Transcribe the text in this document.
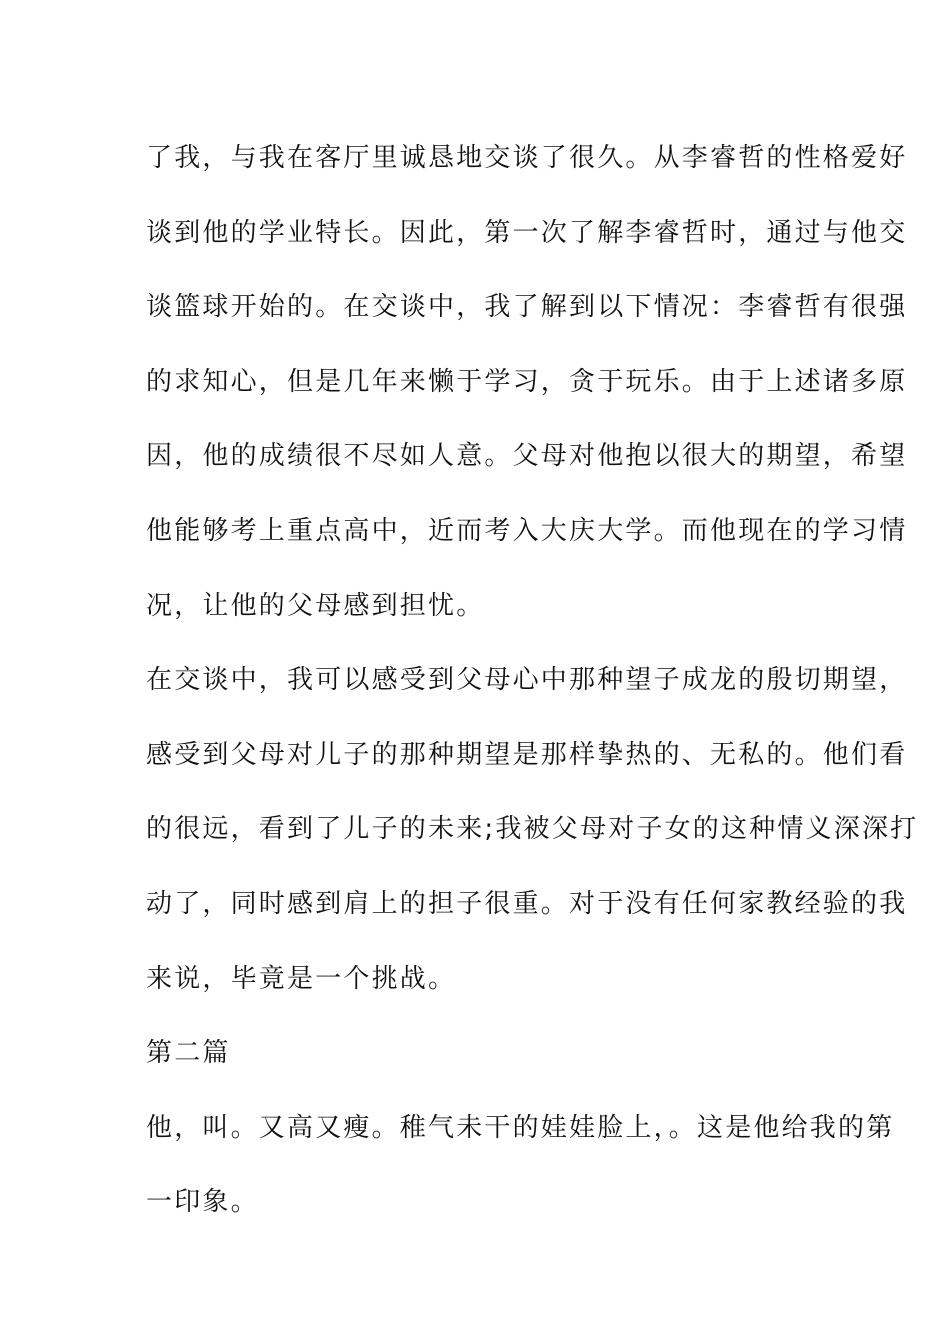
了我，与我在客厅里诚恳地交谈了很久。从李睿哲的性格爱好
谈到他的学业特长。因此，第一次了解李睿哲时，通过与他交
谈篮球开始的。在交谈中，我了解到以下情况：李睿哲有很强
的求知心，但是几年来懒于学习，贪于玩乐。由于上述诸多原
因，他的成绩很不尽如人意。父母对他抱以很大的期望，希望
他能够考上重点高中，近而考入大庆大学。而他现在的学习情
况，让他的父母感到担忧。
在交谈中，我可以感受到父母心中那种望子成龙的殷切期望，
感受到父母对儿子的那种期望是那样挚热的、无私的。他们看
的很远，看到了儿子的未来;我被父母对子女的这种情义深深打
动了，同时感到肩上的担子很重。对于没有任何家教经验的我
来说，毕竟是一个挑战。
第二篇
他，叫。又高又瘦。稚气未干的娃娃脸上，。这是他给我的第
一印象。
